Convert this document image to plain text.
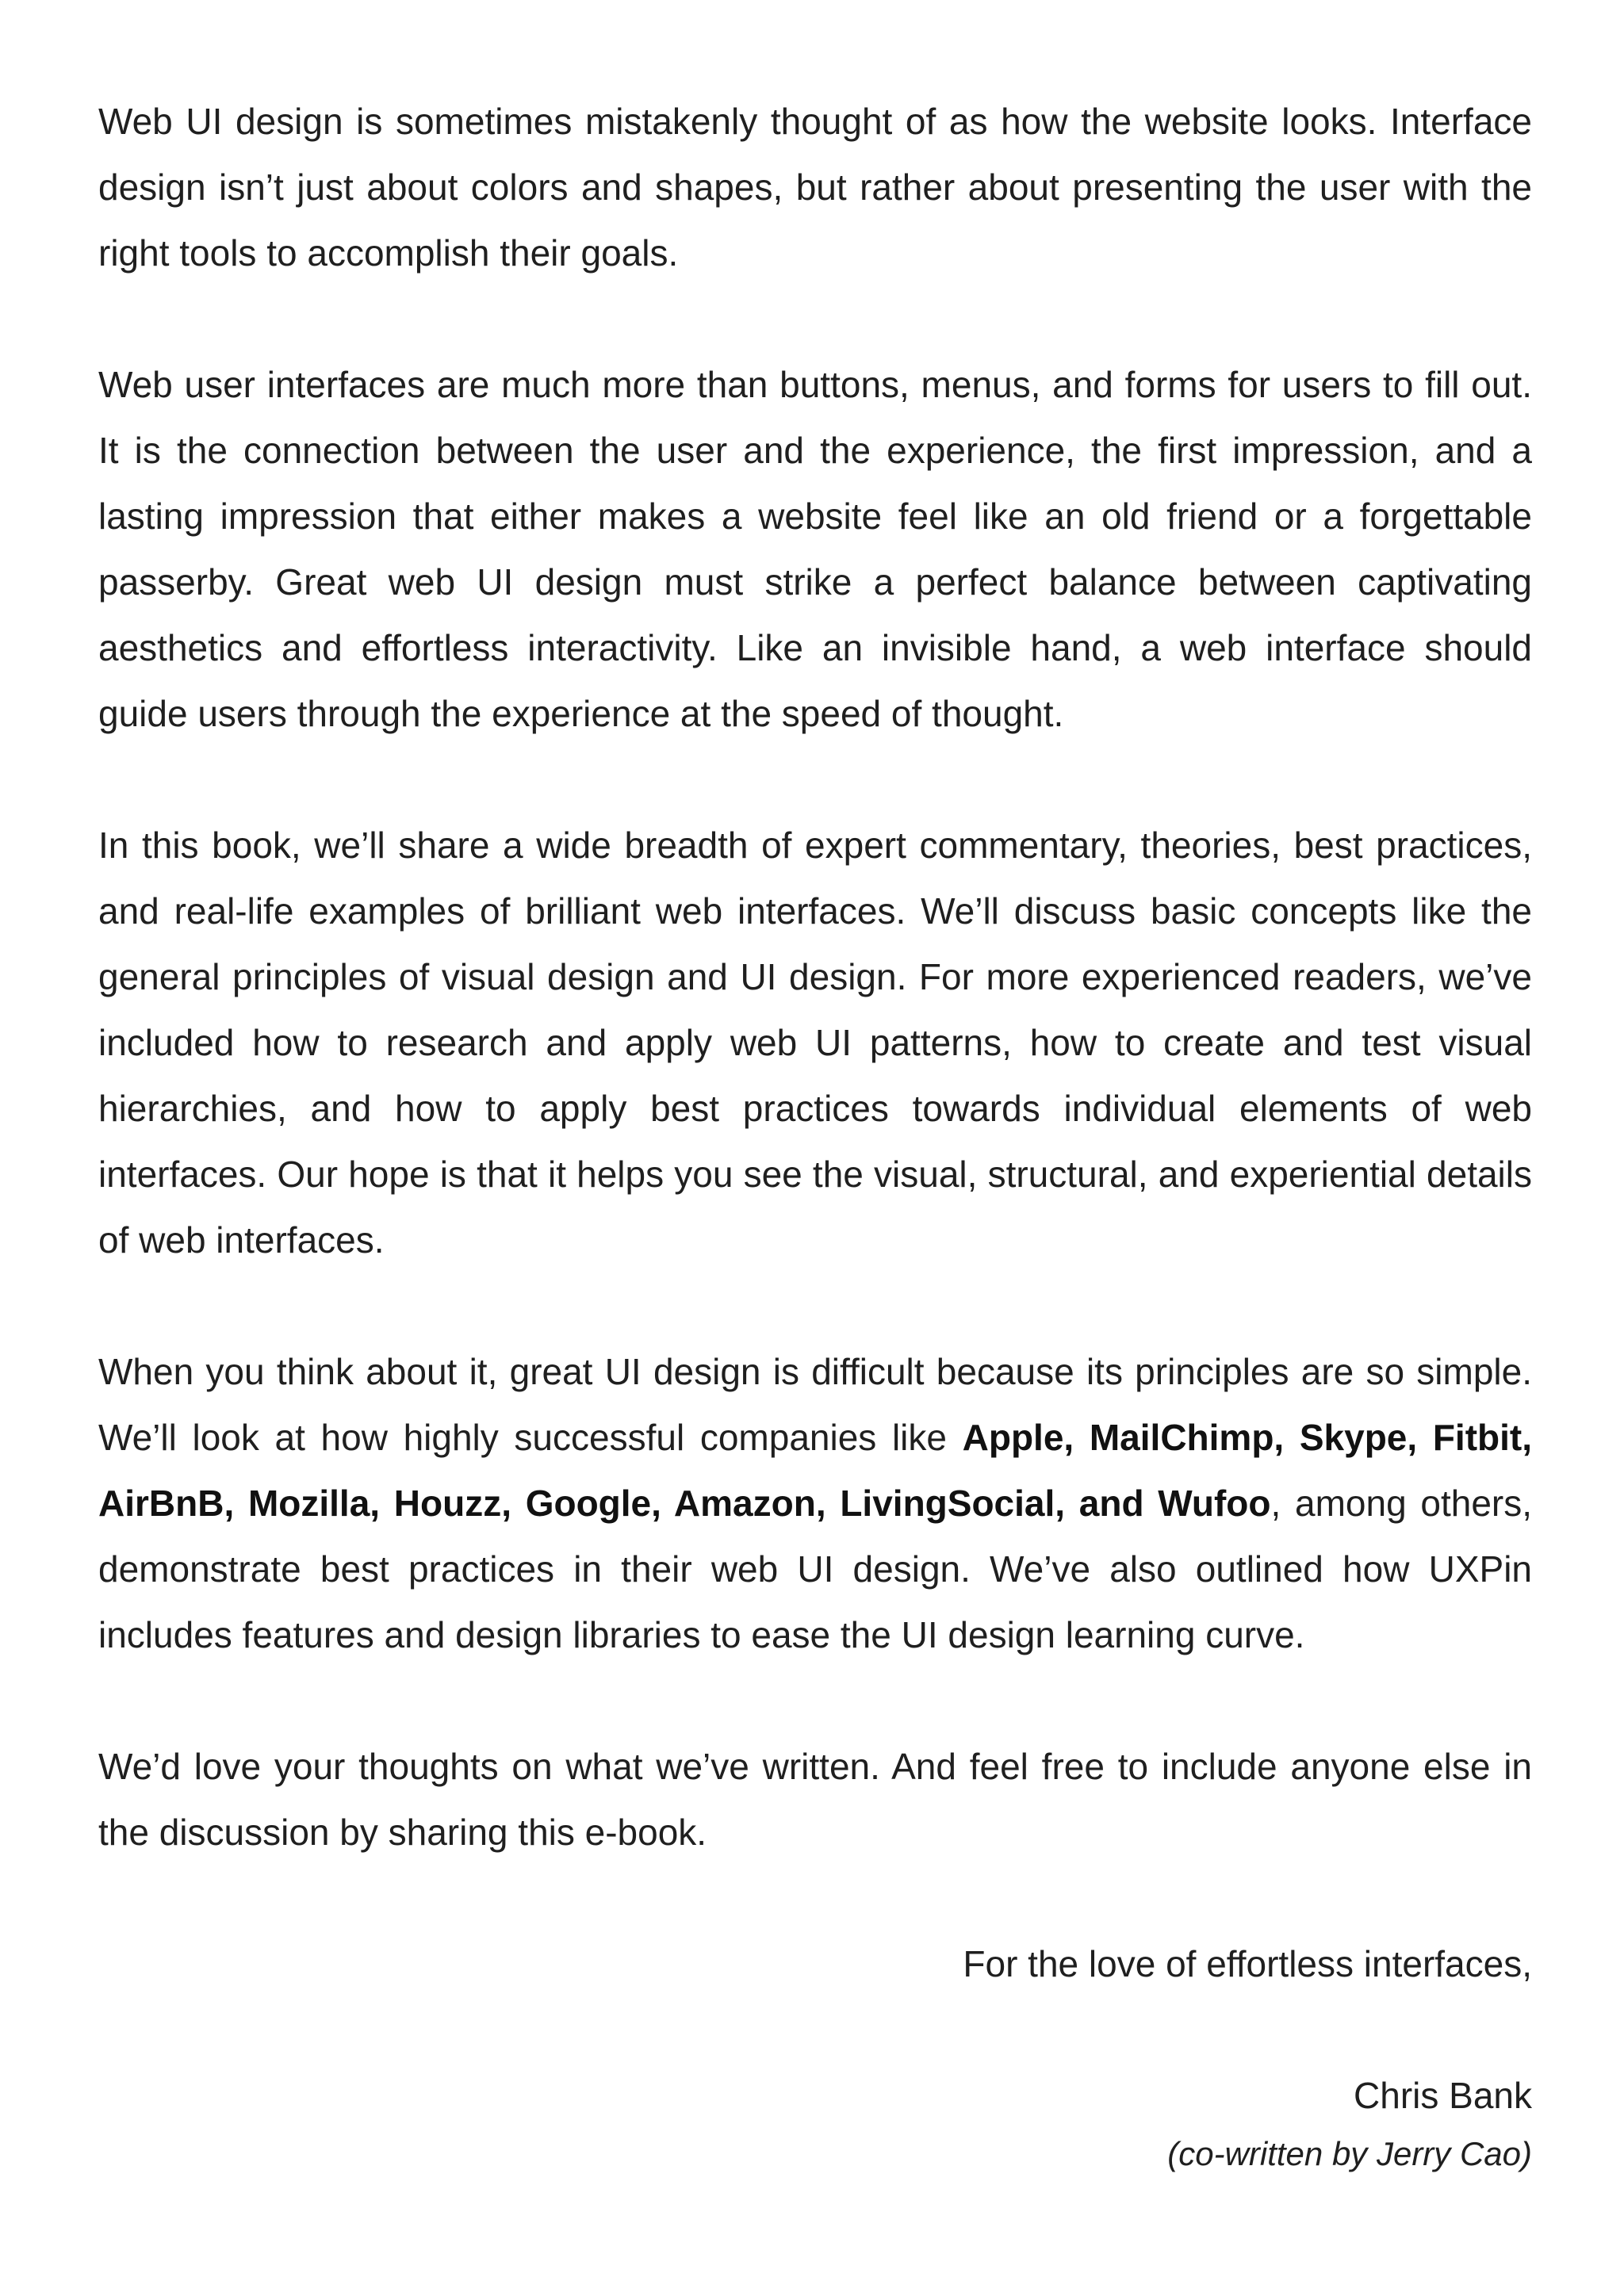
Web UI design is sometimes mistakenly thought of as how the website looks. Interface design isn’t just about colors and shapes, but rather about presenting the user with the right tools to accomplish their goals.

Web user interfaces are much more than buttons, menus, and forms for users to fill out. It is the connection between the user and the experience, the first impression, and a lasting impression that either makes a website feel like an old friend or a forgettable passerby. Great web UI design must strike a perfect balance between captivating aesthetics and effortless interactivity. Like an invisible hand, a web interface should guide users through the experience at the speed of thought.

In this book, we’ll share a wide breadth of expert commentary, theories, best practices, and real-life examples of brilliant web interfaces. We’ll discuss basic concepts like the general principles of visual design and UI design. For more experienced readers, we’ve included how to research and apply web UI patterns, how to create and test visual hierarchies, and how to apply best practices towards individual elements of web interfaces. Our hope is that it helps you see the visual, structural, and experiential details of web interfaces.

When you think about it, great UI design is difficult because its principles are so simple. We’ll look at how highly successful companies like Apple, MailChimp, Skype, Fitbit, AirBnB, Mozilla, Houzz, Google, Amazon, LivingSocial, and Wufoo, among others, demonstrate best practices in their web UI design. We’ve also outlined how UXPin includes features and design libraries to ease the UI design learning curve.

We’d love your thoughts on what we’ve written. And feel free to include anyone else in the discussion by sharing this e-book.

For the love of effortless interfaces,
Chris Bank
(co-written by Jerry Cao)
